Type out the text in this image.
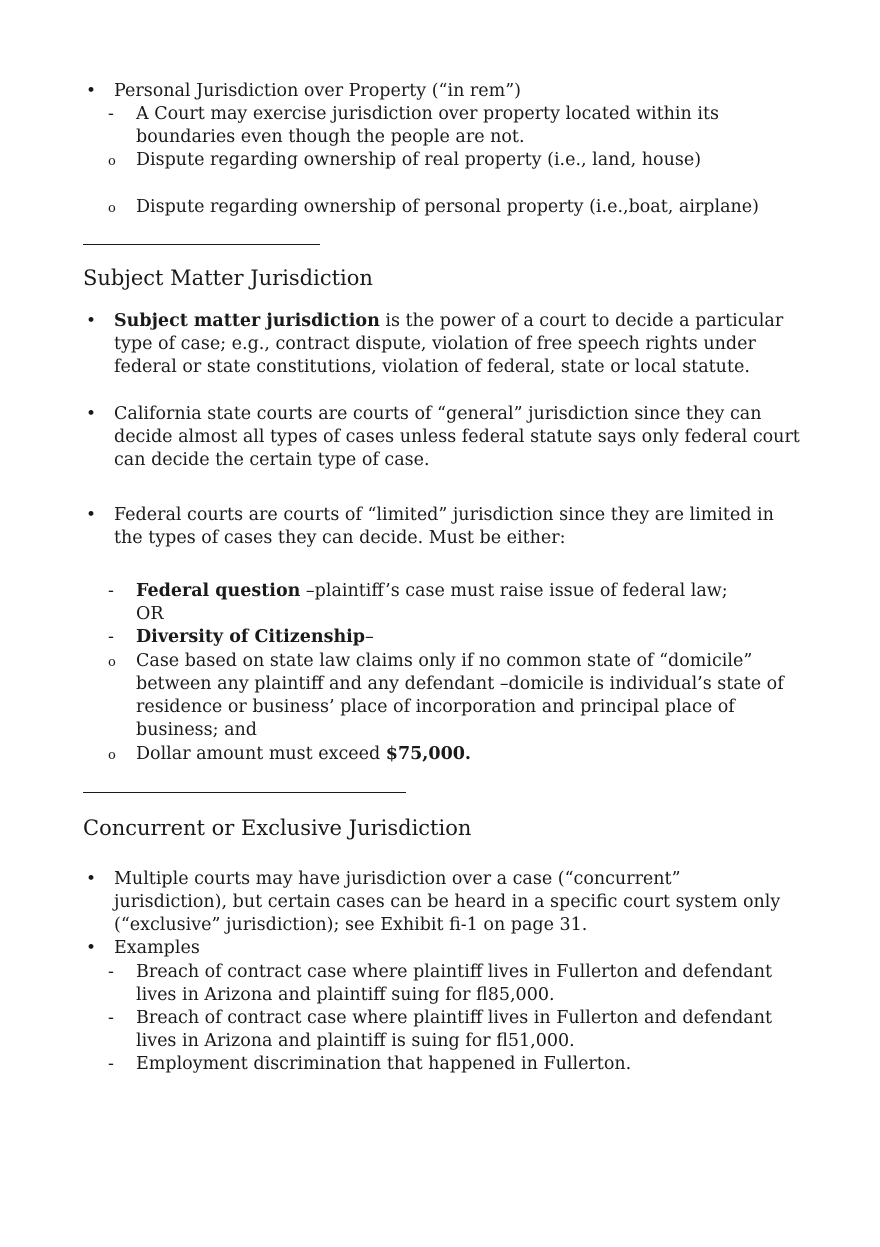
• Personal Jurisdiction over Property (“in rem”)
- A Court may exercise jurisdiction over property located within its boundaries even though the people are not.
o Dispute regarding ownership of real property (i.e., land, house)
o Dispute regarding ownership of personal property (i.e.,boat, airplane)
Subject Matter Jurisdiction
• Subject matter jurisdiction is the power of a court to decide a particular type of case; e.g., contract dispute, violation of free speech rights under federal or state constitutions, violation of federal, state or local statute.
• California state courts are courts of “general” jurisdiction since they can decide almost all types of cases unless federal statute says only federal court can decide the certain type of case.
• Federal courts are courts of “limited” jurisdiction since they are limited in the types of cases they can decide. Must be either:
- Federal question –plaintiff’s case must raise issue of federal law; OR
- Diversity of Citizenship–
o Case based on state law claims only if no common state of “domicile” between any plaintiff and any defendant –domicile is individual’s state of residence or business’ place of incorporation and principal place of business; and
o Dollar amount must exceed $75,000.
Concurrent or Exclusive Jurisdiction
• Multiple courts may have jurisdiction over a case (“concurrent” jurisdiction), but certain cases can be heard in a specific court system only (“exclusive” jurisdiction); see Exhibit ﬁ-1 on page 31.
• Examples
- Breach of contract case where plaintiff lives in Fullerton and defendant lives in Arizona and plaintiff suing for ﬂ85,000.
- Breach of contract case where plaintiff lives in Fullerton and defendant lives in Arizona and plaintiff is suing for ﬂ51,000.
- Employment discrimination that happened in Fullerton.
